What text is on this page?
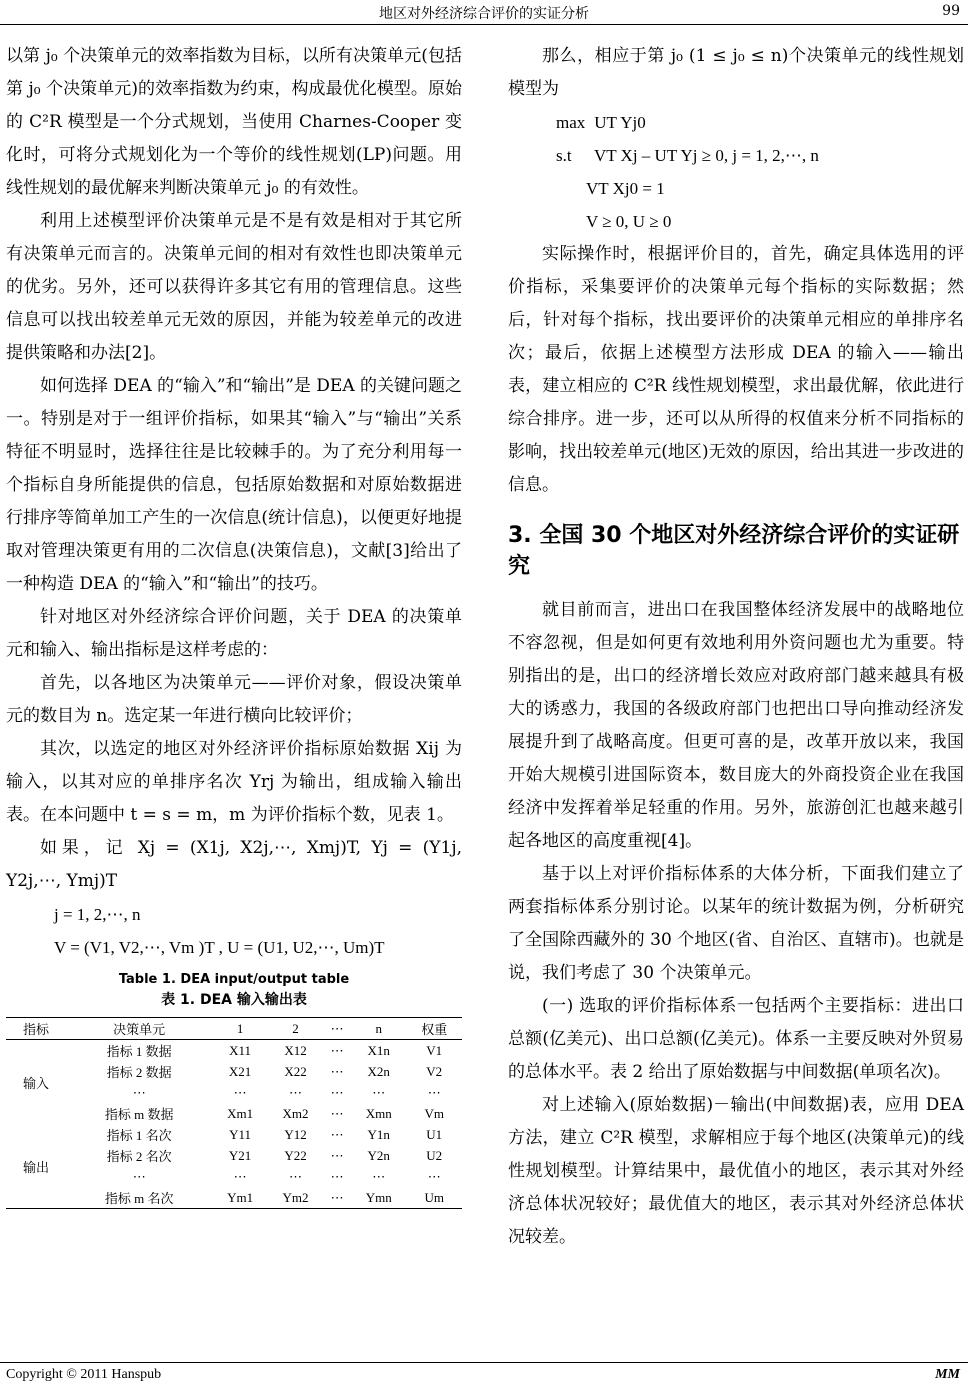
地区对外经济综合评价的实证分析	99

以第 j₀ 个决策单元的效率指数为目标，以所有决策单元(包括第 j₀ 个决策单元)的效率指数为约束，构成最优化模型。原始的 C²R 模型是一个分式规划，当使用 Charnes-Cooper 变化时，可将分式规划化为一个等价的线性规划(LP)问题。用线性规划的最优解来判断决策单元 j₀ 的有效性。

利用上述模型评价决策单元是不是有效是相对于其它所有决策单元而言的。决策单元间的相对有效性也即决策单元的优劣。另外，还可以获得许多其它有用的管理信息。这些信息可以找出较差单元无效的原因，并能为较差单元的改进提供策略和办法[2]。

如何选择 DEA 的“输入”和“输出”是 DEA 的关键问题之一。特别是对于一组评价指标，如果其“输入”与“输出”关系特征不明显时，选择往往是比较棘手的。为了充分利用每一个指标自身所能提供的信息，包括原始数据和对原始数据进行排序等简单加工产生的一次信息(统计信息)，以便更好地提取对管理决策更有用的二次信息(决策信息)，文献[3]给出了一种构造 DEA 的“输入”和“输出”的技巧。

针对地区对外经济综合评价问题，关于 DEA 的决策单元和输入、输出指标是这样考虑的：

首先，以各地区为决策单元——评价对象，假设决策单元的数目为 n。选定某一年进行横向比较评价；

其次，以选定的地区对外经济评价指标原始数据 Xij 为输入，以其对应的单排序名次 Yrj 为输出，组成输入输出表。在本问题中 t = s = m，m 为评价指标个数，见表 1。

如果，记 Xj = (X1j, X2j,⋯, Xmj)T, Yj = (Y1j, Y2j,⋯, Ymj)T

j = 1, 2,⋯, n
V = (V1, V2,⋯, Vm )T , U = (U1, U2,⋯, Um)T
Table 1. DEA input/output table
表 1. DEA 输入输出表
指标	决策单元	1	2	⋯	n	权重
输入	指标 1 数据	X11	X12	⋯	X1n	V1
	指标 2 数据	X21	X22	⋯	X2n	V2
	⋯	⋯	⋯	⋯	⋯	⋯
	指标 m 数据	Xm1	Xm2	⋯	Xmn	Vm
输出	指标 1 名次	Y11	Y12	⋯	Y1n	U1
	指标 2 名次	Y21	Y22	⋯	Y2n	U2
	⋯	⋯	⋯	⋯	⋯	⋯
	指标 m 名次	Ym1	Ym2	⋯	Ymn	Um

那么，相应于第 j₀ (1 ≤ j₀ ≤ n)个决策单元的线性规划模型为

max UT Yj0
s.t VT Xj – UT Yj ≥ 0, j = 1, 2,⋯, n
VT Xj0 = 1
V ≥ 0, U ≥ 0

实际操作时，根据评价目的，首先，确定具体选用的评价指标，采集要评价的决策单元每个指标的实际数据；然后，针对每个指标，找出要评价的决策单元相应的单排序名次；最后，依据上述模型方法形成 DEA 的输入——输出表，建立相应的 C²R 线性规划模型，求出最优解，依此进行综合排序。进一步，还可以从所得的权值来分析不同指标的影响，找出较差单元(地区)无效的原因，给出其进一步改进的信息。

3. 全国 30 个地区对外经济综合评价的实证研究

就目前而言，进出口在我国整体经济发展中的战略地位不容忽视，但是如何更有效地利用外资问题也尤为重要。特别指出的是，出口的经济增长效应对政府部门越来越具有极大的诱惑力，我国的各级政府部门也把出口导向推动经济发展提升到了战略高度。但更可喜的是，改革开放以来，我国开始大规模引进国际资本，数目庞大的外商投资企业在我国经济中发挥着举足轻重的作用。另外，旅游创汇也越来越引起各地区的高度重视[4]。

基于以上对评价指标体系的大体分析，下面我们建立了两套指标体系分别讨论。以某年的统计数据为例，分析研究了全国除西藏外的 30 个地区(省、自治区、直辖市)。也就是说，我们考虑了 30 个决策单元。

(一) 选取的评价指标体系一包括两个主要指标：进出口总额(亿美元)、出口总额(亿美元)。体系一主要反映对外贸易的总体水平。表 2 给出了原始数据与中间数据(单项名次)。

对上述输入(原始数据)－输出(中间数据)表，应用 DEA 方法，建立 C²R 模型，求解相应于每个地区(决策单元)的线性规划模型。计算结果中，最优值小的地区，表示其对外经济总体状况较好；最优值大的地区，表示其对外经济总体状况较差。

Copyright © 2011 Hanspub	MM
